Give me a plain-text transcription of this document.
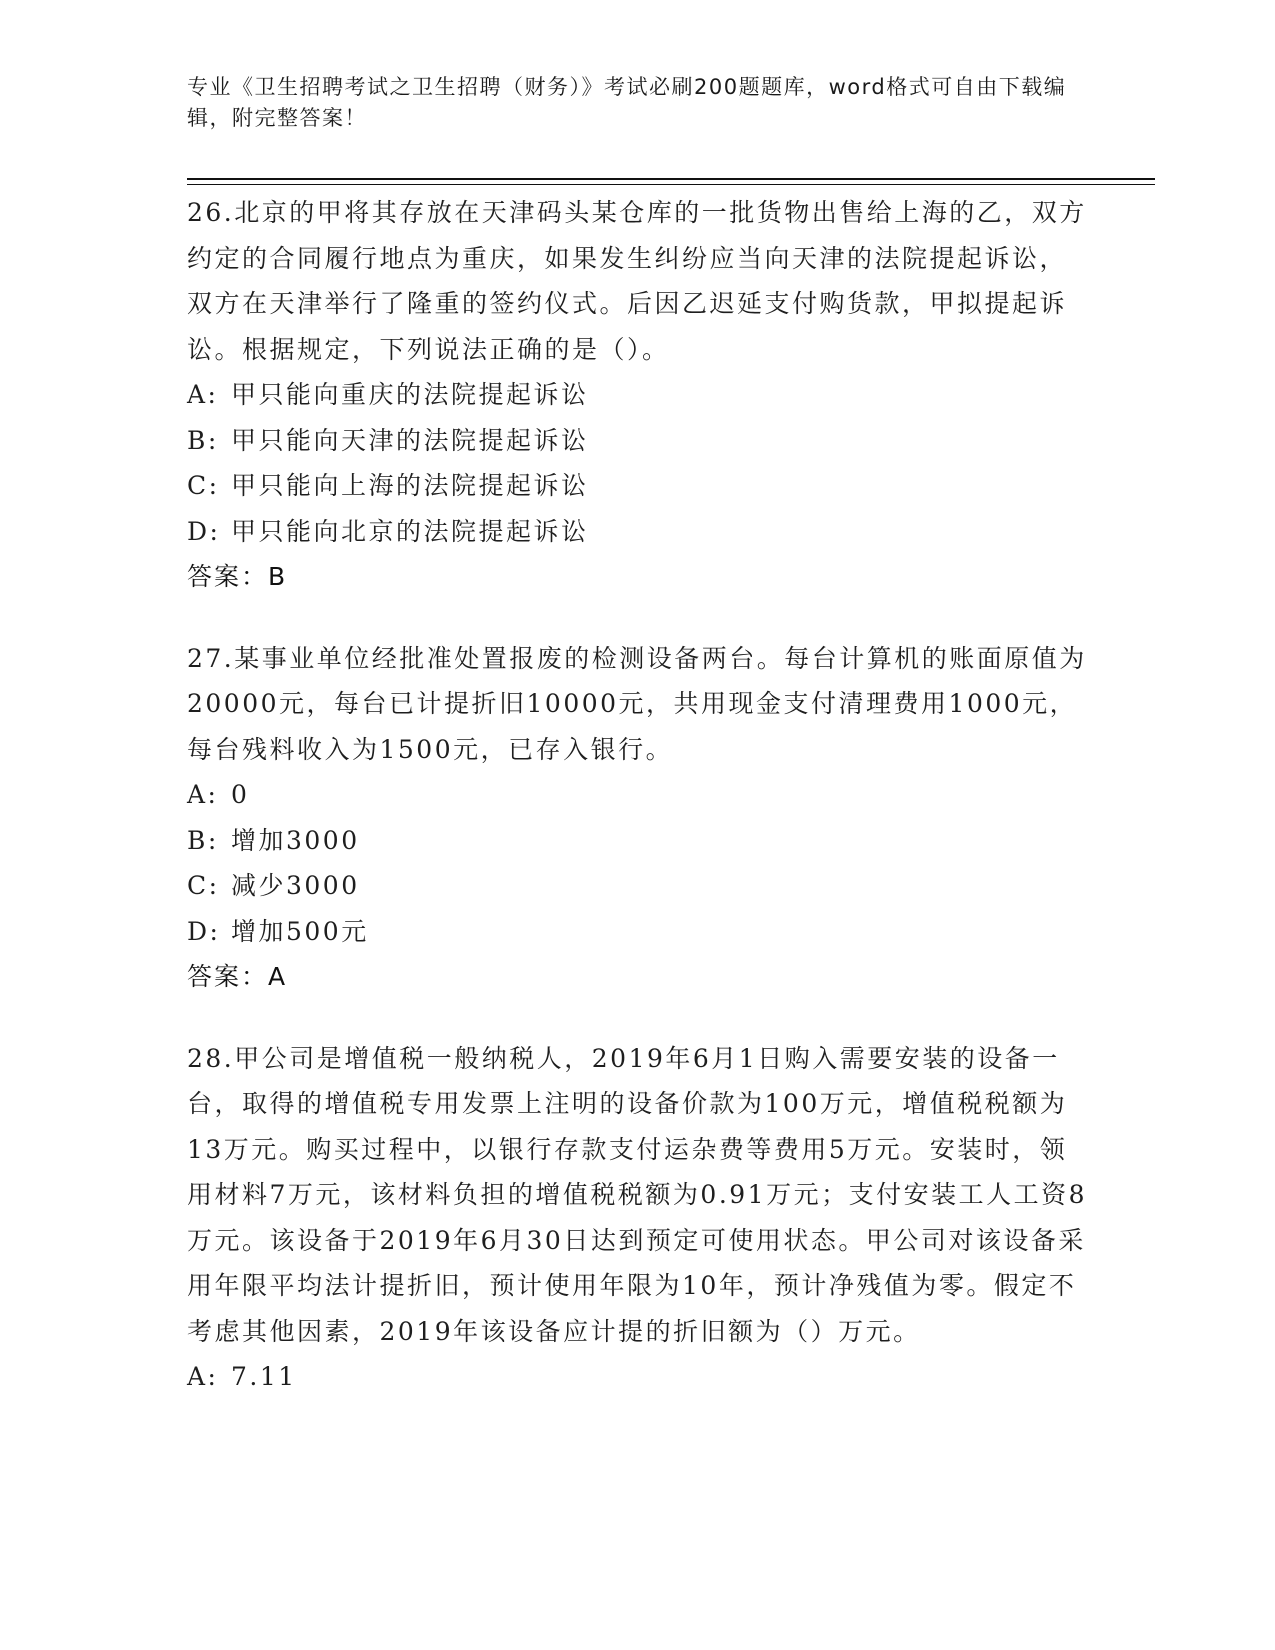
专业《卫生招聘考试之卫生招聘（财务）》考试必刷200题题库，word格式可自由下载编辑，附完整答案！

26.北京的甲将其存放在天津码头某仓库的一批货物出售给上海的乙，双方约定的合同履行地点为重庆，如果发生纠纷应当向天津的法院提起诉讼，双方在天津举行了隆重的签约仪式。后因乙迟延支付购货款，甲拟提起诉讼。根据规定，下列说法正确的是（）。

A: 甲只能向重庆的法院提起诉讼

B: 甲只能向天津的法院提起诉讼

C: 甲只能向上海的法院提起诉讼

D: 甲只能向北京的法院提起诉讼

答案：B

27.某事业单位经批准处置报废的检测设备两台。每台计算机的账面原值为20000元，每台已计提折旧10000元，共用现金支付清理费用1000元，每台残料收入为1500元，已存入银行。

A: 0

B: 增加3000

C: 减少3000

D: 增加500元

答案：A

28.甲公司是增值税一般纳税人，2019年6月1日购入需要安装的设备一台，取得的增值税专用发票上注明的设备价款为100万元，增值税税额为13万元。购买过程中，以银行存款支付运杂费等费用5万元。安装时，领用材料7万元，该材料负担的增值税税额为0.91万元；支付安装工人工资8万元。该设备于2019年6月30日达到预定可使用状态。甲公司对该设备采用年限平均法计提折旧，预计使用年限为10年，预计净残值为零。假定不考虑其他因素，2019年该设备应计提的折旧额为（）万元。

A: 7.11
